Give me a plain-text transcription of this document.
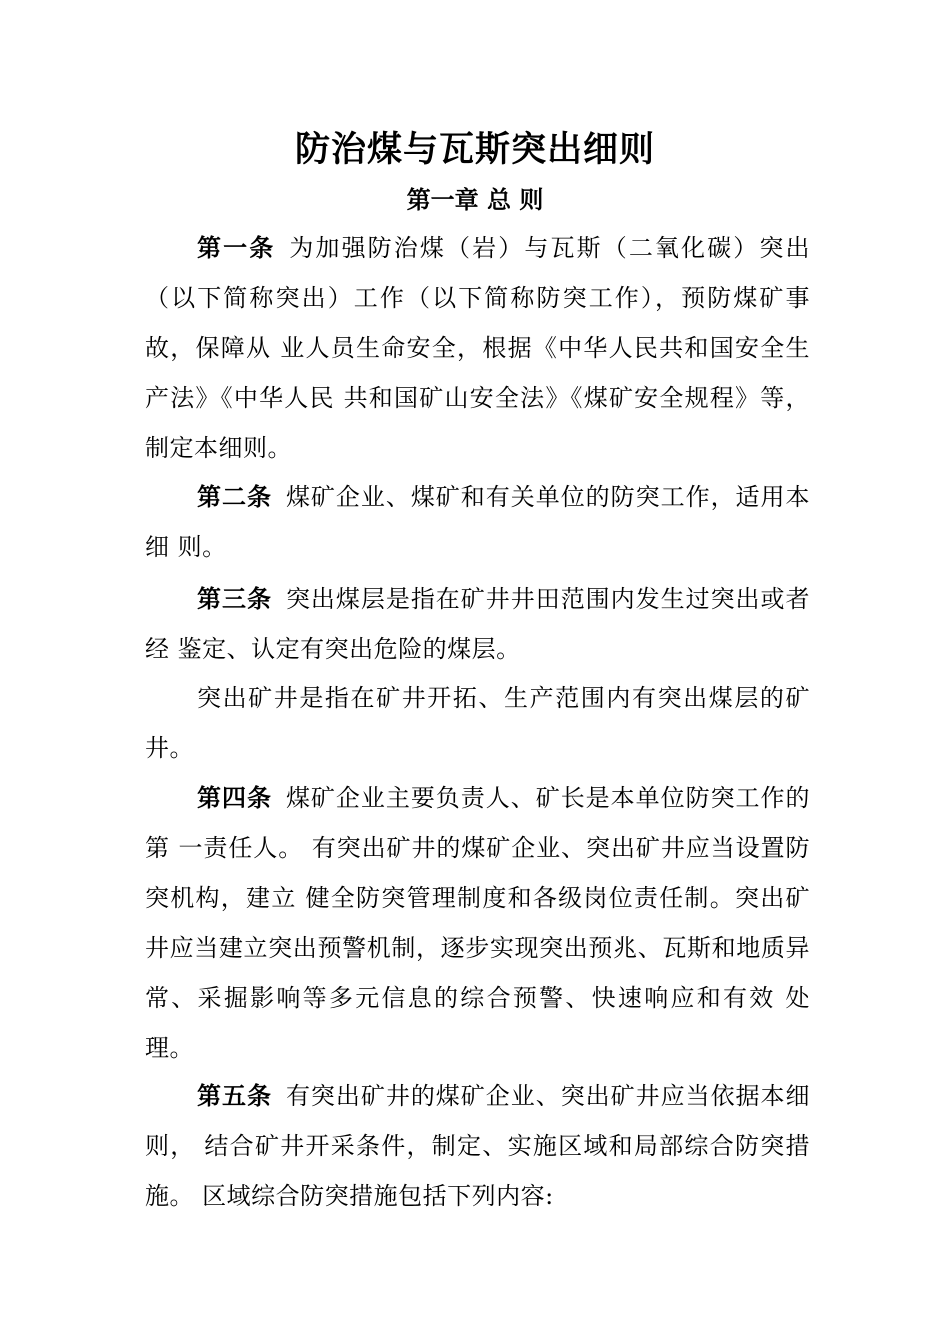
防治煤与瓦斯突出细则
第一章 总 则
第一条 为加强防治煤（岩）与瓦斯（二氧化碳）突出（以下简称突出）工作（以下简称防突工作），预防煤矿事故，保障从 业人员生命安全，根据《中华人民共和国安全生产法》《中华人民 共和国矿山安全法》《煤矿安全规程》等，制定本细则。
第二条 煤矿企业、煤矿和有关单位的防突工作，适用本细 则。
第三条 突出煤层是指在矿井井田范围内发生过突出或者经 鉴定、认定有突出危险的煤层。
突出矿井是指在矿井开拓、生产范围内有突出煤层的矿井。
第四条 煤矿企业主要负责人、矿长是本单位防突工作的第 一责任人。 有突出矿井的煤矿企业、突出矿井应当设置防突机构，建立 健全防突管理制度和各级岗位责任制。突出矿井应当建立突出预警机制，逐步实现突出预兆、瓦斯和地质异常、采掘影响等多元信息的综合预警、快速响应和有效 处理。
第五条 有突出矿井的煤矿企业、突出矿井应当依据本细则， 结合矿井开采条件，制定、实施区域和局部综合防突措施。 区域综合防突措施包括下列内容:
